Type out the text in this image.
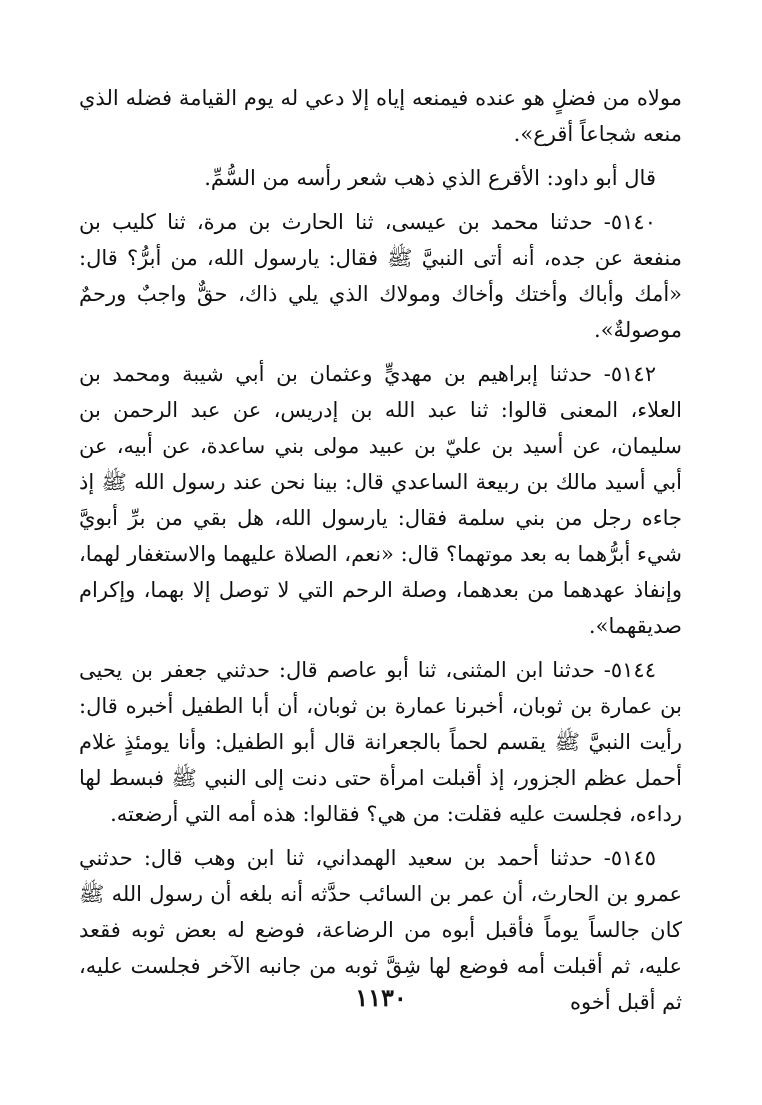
مولاه من فضلٍ هو عنده فيمنعه إياه إلا دعي له يوم القيامة فضله الذي منعه شجاعاً أقرع».

قال أبو داود: الأقرع الذي ذهب شعر رأسه من السُّمِّ.

٥١٤٠- حدثنا محمد بن عيسى، ثنا الحارث بن مرة، ثنا كليب بن منفعة عن جده، أنه أتى النبيَّ ﷺ فقال: يارسول الله، من أبرُّ؟ قال: «أمك وأباك وأختك وأخاك ومولاك الذي يلي ذاك، حقٌّ واجبٌ ورحمٌ موصولةٌ».

٥١٤٢- حدثنا إبراهيم بن مهديٍّ وعثمان بن أبي شيبة ومحمد بن العلاء، المعنى قالوا: ثنا عبد الله بن إدريس، عن عبد الرحمن بن سليمان، عن أسيد بن عليّ بن عبيد مولى بني ساعدة، عن أبيه، عن أبي أسيد مالك بن ربيعة الساعدي قال: بينا نحن عند رسول الله ﷺ إذ جاءه رجل من بني سلمة فقال: يارسول الله، هل بقي من برِّ أبويَّ شيء أبرُّهما به بعد موتهما؟ قال: «نعم، الصلاة عليهما والاستغفار لهما، وإنفاذ عهدهما من بعدهما، وصلة الرحم التي لا توصل إلا بهما، وإكرام صديقهما».

٥١٤٤- حدثنا ابن المثنى، ثنا أبو عاصم قال: حدثني جعفر بن يحيى بن عمارة بن ثوبان، أخبرنا عمارة بن ثوبان، أن أبا الطفيل أخبره قال: رأيت النبيَّ ﷺ يقسم لحماً بالجعرانة قال أبو الطفيل: وأنا يومئذٍ غلام أحمل عظم الجزور، إذ أقبلت امرأة حتى دنت إلى النبي ﷺ فبسط لها رداءه، فجلست عليه فقلت: من هي؟ فقالوا: هذه أمه التي أرضعته.

٥١٤٥- حدثنا أحمد بن سعيد الهمداني، ثنا ابن وهب قال: حدثني عمرو بن الحارث، أن عمر بن السائب حدَّثه أنه بلغه أن رسول الله ﷺ كان جالساً يوماً فأقبل أبوه من الرضاعة، فوضع له بعض ثوبه فقعد عليه، ثم أقبلت أمه فوضع لها شِقَّ ثوبه من جانبه الآخر فجلست عليه، ثم أقبل أخوه

١١٣٠
